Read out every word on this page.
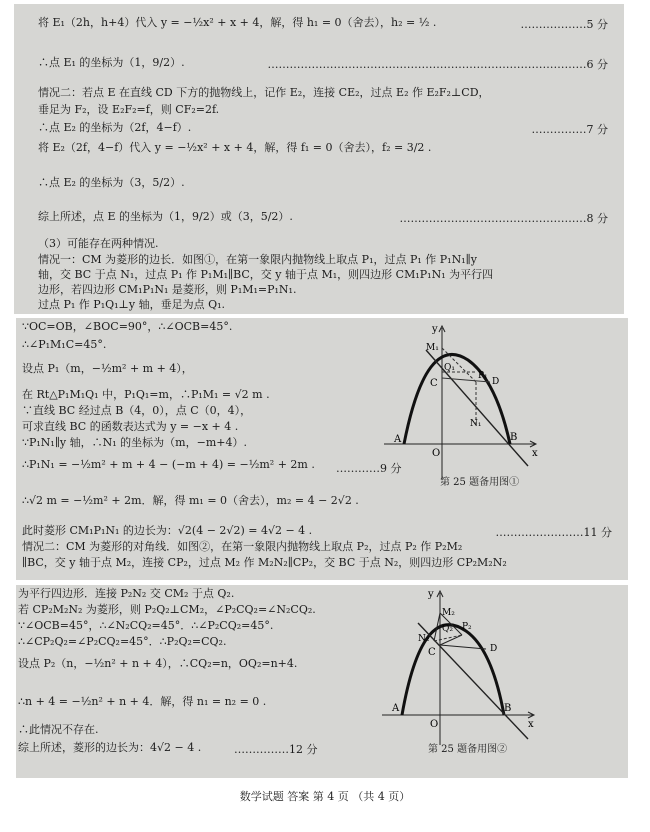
将 E₁（2h，h+4）代入 y = −½x² + x + 4，解，得 h₁ = 0（舍去），h₂ = ½ .	………………5 分
∴点 E₁ 的坐标为（1，9/2）.	……………………………………………………………………………6 分
情况二：若点 E 在直线 CD 下方的抛物线上，记作 E₂，连接 CE₂，过点 E₂ 作 E₂F₂⊥CD，
垂足为 F₂，设 E₂F₂=f，则 CF₂=2f.
∴点 E₂ 的坐标为（2f，4−f）.	……………7 分
将 E₂（2f，4−f）代入 y = −½x² + x + 4，解，得 f₁ = 0（舍去），f₂ = 3/2 .
∴点 E₂ 的坐标为（3，5/2）.
综上所述，点 E 的坐标为（1，9/2）或（3，5/2）.	……………………………………………8 分
（3）可能存在两种情况.
情况一：CM 为菱形的边长．如图①，在第一象限内抛物线上取点 P₁，过点 P₁ 作 P₁N₁∥y
轴，交 BC 于点 N₁，过点 P₁ 作 P₁M₁∥BC，交 y 轴于点 M₁，则四边形 CM₁P₁N₁ 为平行四
边形，若四边形 CM₁P₁N₁ 是菱形，则 P₁M₁=P₁N₁.
过点 P₁ 作 P₁Q₁⊥y 轴，垂足为点 Q₁.
∵OC=OB，∠BOC=90°，∴∠OCB=45°.
∴∠P₁M₁C=45°.
设点 P₁（m，−½m² + m + 4），
在 Rt△P₁M₁Q₁ 中，P₁Q₁=m，∴P₁M₁ = √2 m .
∵直线 BC 经过点 B（4，0），点 C（0，4），
可求直线 BC 的函数表达式为 y = −x + 4 .
∵P₁N₁∥y 轴，∴N₁ 的坐标为（m，−m+4）.
∴P₁N₁ = −½m² + m + 4 − (−m + 4) = −½m² + 2m . …………9 分
∴√2 m = −½m² + 2m．解，得 m₁ = 0（舍去），m₂ = 4 − 2√2 .
此时菱形 CM₁P₁N₁ 的边长为：√2(4 − 2√2) = 4√2 − 4 .	……………………11 分
情况二：CM 为菱形的对角线．如图②，在第一象限内抛物线上取点 P₂，过点 P₂ 作 P₂M₂
∥BC，交 y 轴于点 M₂，连接 CP₂，过点 M₂ 作 M₂N₂∥CP₂，交 BC 于点 N₂，则四边形 CP₂M₂N₂
y
M₁
Q₁
C
P₁
D
N₁
A
O
B
x
第 25 题备用图①
为平行四边形．连接 P₂N₂ 交 CM₂ 于点 Q₂.
若 CP₂M₂N₂ 为菱形，则 P₂Q₂⊥CM₂，∠P₂CQ₂=∠N₂CQ₂.
∵∠OCB=45°，∴∠N₂CQ₂=45°．∴∠P₂CQ₂=45°.
∴∠CP₂Q₂=∠P₂CQ₂=45°．∴P₂Q₂=CQ₂.
设点 P₂（n，−½n² + n + 4），∴CQ₂=n，OQ₂=n+4.
∴n + 4 = −½n² + n + 4．解，得 n₁ = n₂ = 0 .
∴此情况不存在.
综上所述，菱形的边长为：4√2 − 4 .	……………12 分
y
M₂
Q₂ P₂
N₂
C	D
A
O
B
x
第 25 题备用图②
数学试题 答案 第 4 页 （共 4 页）
